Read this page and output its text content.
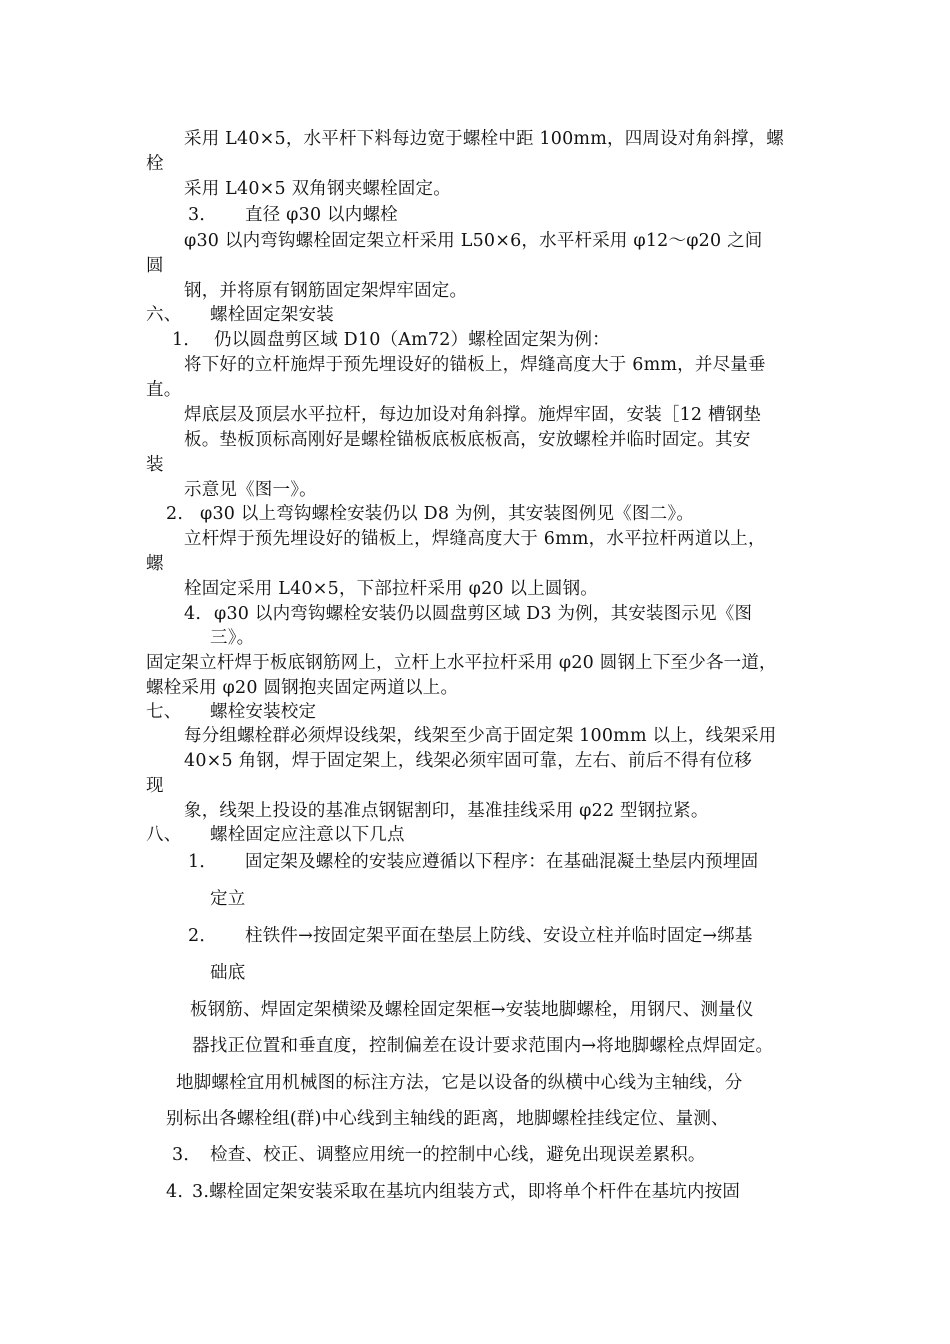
采用 L40×5，水平杆下料每边宽于螺栓中距 100mm，四周设对角斜撑，螺
栓
采用 L40×5 双角钢夹螺栓固定。
3． 直径 φ30 以内螺栓
φ30 以内弯钩螺栓固定架立杆采用 L50×6，水平杆采用 φ12～φ20 之间
圆
钢，并将原有钢筋固定架焊牢固定。
六、 螺栓固定架安装
1． 仍以圆盘剪区域 D10（Am72）螺栓固定架为例：
将下好的立杆施焊于预先埋设好的锚板上，焊缝高度大于 6mm，并尽量垂
直。
焊底层及顶层水平拉杆，每边加设对角斜撑。施焊牢固，安装［12 槽钢垫
板。垫板顶标高刚好是螺栓锚板底板底板高，安放螺栓并临时固定。其安
装
示意见《图一》。
2. φ30 以上弯钩螺栓安装仍以 D8 为例，其安装图例见《图二》。
立杆焊于预先埋设好的锚板上，焊缝高度大于 6mm，水平拉杆两道以上，
螺
栓固定采用 L40×5，下部拉杆采用 φ20 以上圆钢。
4. φ30 以内弯钩螺栓安装仍以圆盘剪区域 D3 为例，其安装图示见《图
三》。
固定架立杆焊于板底钢筋网上，立杆上水平拉杆采用 φ20 圆钢上下至少各一道，
螺栓采用 φ20 圆钢抱夹固定两道以上。
七、 螺栓安装校定
每分组螺栓群必须焊设线架，线架至少高于固定架 100mm 以上，线架采用
40×5 角钢，焊于固定架上，线架必须牢固可靠，左右、前后不得有位移
现
象，线架上投设的基准点钢锯割印，基准挂线采用 φ22 型钢拉紧。
八、 螺栓固定应注意以下几点
1． 固定架及螺栓的安装应遵循以下程序：在基础混凝土垫层内预埋固
定立
2． 柱铁件→按固定架平面在垫层上防线、安设立柱并临时固定→绑基
础底
板钢筋、焊固定架横梁及螺栓固定架框→安装地脚螺栓，用钢尺、测量仪
器找正位置和垂直度，控制偏差在设计要求范围内→将地脚螺栓点焊固定。
地脚螺栓宜用机械图的标注方法，它是以设备的纵横中心线为主轴线，分
别标出各螺栓组(群)中心线到主轴线的距离，地脚螺栓挂线定位、量测、
3． 检查、校正、调整应用统一的控制中心线，避免出现误差累积。
4. 3.螺栓固定架安装采取在基坑内组装方式，即将单个杆件在基坑内按固
